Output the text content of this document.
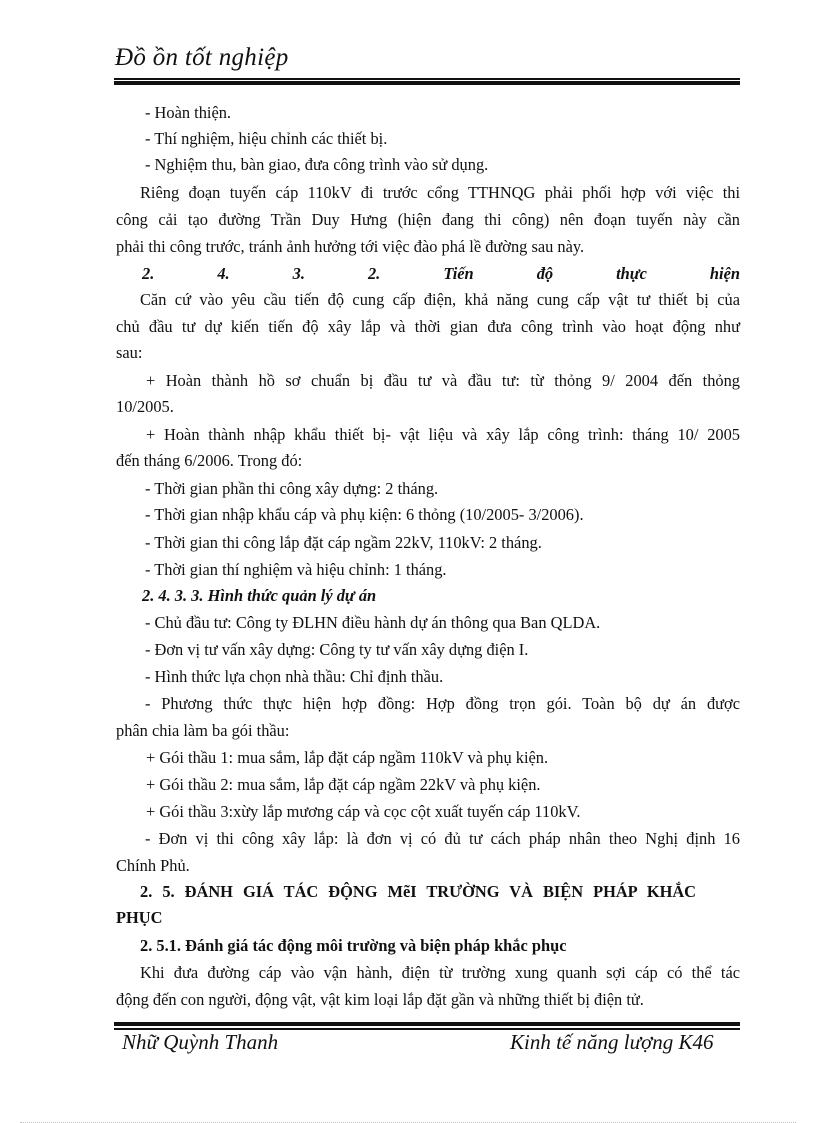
Đồ ồn tốt nghiệp
- Hoàn thiện.
- Thí nghiệm, hiệu chỉnh các thiết bị.
- Nghiệm thu, bàn giao, đưa công trình vào sử dụng.
Riêng đoạn tuyến cáp 110kV đi trước cổng TTHNQG phải phối hợp với việc thi
công cải tạo đường Trần Duy Hưng (hiện đang thi công) nên đoạn tuyến này cần
phải thi công trước, tránh ảnh hưởng tới việc đào phá lề đường sau này.
2.	4.	3.	2.	Tiến	độ	thực	hiện
Căn cứ vào yêu cầu tiến độ cung cấp điện, khả năng cung cấp vật tư thiết bị của
chủ đầu tư dự kiến tiến độ xây lắp và thời gian đưa công trình vào hoạt động như
sau:
+ Hoàn thành hồ sơ chuẩn bị đầu tư và đầu tư: từ thỏng 9/ 2004 đến thỏng
10/2005.
+ Hoàn thành nhập khẩu thiết bị- vật liệu và xây lắp công trình: tháng 10/ 2005
đến tháng 6/2006. Trong đó:
- Thời gian phần thi công xây dựng: 2 tháng.
- Thời gian nhập khẩu cáp và phụ kiện: 6 thỏng (10/2005- 3/2006).
- Thời gian thi công lắp đặt cáp ngầm 22kV, 110kV: 2 tháng.
- Thời gian thí nghiệm và hiệu chỉnh: 1 tháng.
2. 4. 3. 3. Hình thức quản lý dự án
- Chủ đầu tư: Công ty ĐLHN điều hành dự án thông qua Ban QLDA.
- Đơn vị tư vấn xây dựng: Công ty tư vấn xây dựng điện I.
- Hình thức lựa chọn nhà thầu: Chỉ định thầu.
- Phương thức thực hiện hợp đồng: Hợp đồng trọn gói. Toàn bộ dự án được
phân chia làm ba gói thầu:
+ Gói thầu 1: mua sắm, lắp đặt cáp ngầm 110kV và phụ kiện.
+ Gói thầu 2: mua sắm, lắp đặt cáp ngầm 22kV và phụ kiện.
+ Gói thầu 3:xừy lắp mương cáp và cọc cột xuất tuyến cáp 110kV.
- Đơn vị thi công xây lắp: là đơn vị có đủ tư cách pháp nhân theo Nghị định 16
Chính Phủ.
2. 5. ĐÁNH GIÁ TÁC ĐỘNG MẽI TRƯỜNG VÀ BIỆN PHÁP KHẮC
PHỤC
2. 5.1. Đánh giá tác động môi trường và biện pháp khắc phục
Khi đưa đường cáp vào vận hành, điện từ trường xung quanh sợi cáp có thể tác
động đến con người, động vật, vật kim loại lắp đặt gần và những thiết bị điện tử.
Nhữ Quỳnh Thanh	Kinh tế năng lượng K46
